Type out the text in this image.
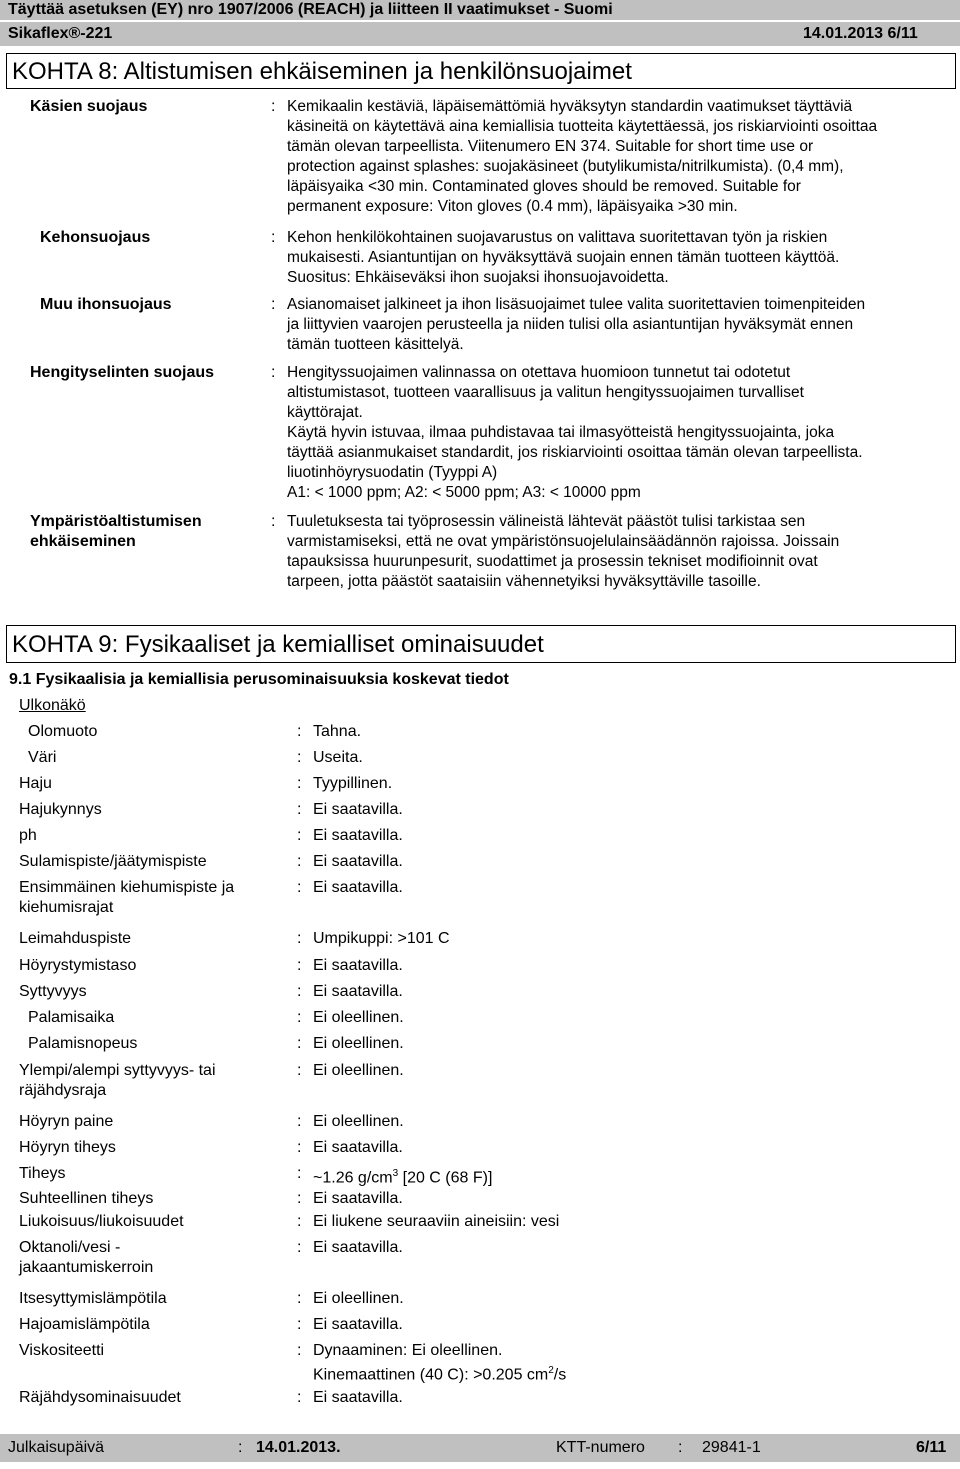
Täyttää asetuksen (EY) nro 1907/2006 (REACH) ja liitteen II vaatimukset - Suomi
Sikaflex®-221	14.01.2013 6/11
KOHTA 8: Altistumisen ehkäiseminen ja henkilönsuojaimet
Käsien suojaus	: Kemikaalin kestäviä, läpäisemättömiä hyväksytyn standardin vaatimukset täyttäviä
käsineitä on käytettävä aina kemiallisia tuotteita käytettäessä, jos riskiarviointi osoittaa
tämän olevan tarpeellista. Viitenumero EN 374. Suitable for short time use or
protection against splashes: suojakäsineet (butylikumista/nitrilkumista). (0,4 mm),
läpäisyaika <30 min. Contaminated gloves should be removed. Suitable for
permanent exposure: Viton gloves (0.4 mm), läpäisyaika >30 min.
Kehonsuojaus	: Kehon henkilökohtainen suojavarustus on valittava suoritettavan työn ja riskien
mukaisesti. Asiantuntijan on hyväksyttävä suojain ennen tämän tuotteen käyttöä.
Suositus: Ehkäiseväksi ihon suojaksi ihonsuojavoidetta.
Muu ihonsuojaus	: Asianomaiset jalkineet ja ihon lisäsuojaimet tulee valita suoritettavien toimenpiteiden
ja liittyvien vaarojen perusteella ja niiden tulisi olla asiantuntijan hyväksymät ennen
tämän tuotteen käsittelyä.
Hengityselinten suojaus	: Hengityssuojaimen valinnassa on otettava huomioon tunnetut tai odotetut
altistumistasot, tuotteen vaarallisuus ja valitun hengityssuojaimen turvalliset
käyttörajat.
Käytä hyvin istuvaa, ilmaa puhdistavaa tai ilmasyötteistä hengityssuojainta, joka
täyttää asianmukaiset standardit, jos riskiarviointi osoittaa tämän olevan tarpeellista.
liuotinhöyrysuodatin (Tyyppi A)
A1: < 1000 ppm; A2: < 5000 ppm; A3: < 10000 ppm
Ympäristöaltistumisen ehkäiseminen
: Tuuletuksesta tai työprosessin välineistä lähtevät päästöt tulisi tarkistaa sen
varmistamiseksi, että ne ovat ympäristönsuojelulainsäädännön rajoissa. Joissain
tapauksissa huurunpesurit, suodattimet ja prosessin tekniset modifioinnit ovat
tarpeen, jotta päästöt saataisiin vähennetyiksi hyväksyttäville tasoille.
KOHTA 9: Fysikaaliset ja kemialliset ominaisuudet
9.1 Fysikaalisia ja kemiallisia perusominaisuuksia koskevat tiedot
Ulkonäkö
Olomuoto	: Tahna.
Väri	: Useita.
Haju	: Tyypillinen.
Hajukynnys	: Ei saatavilla.
ph	: Ei saatavilla.
Sulamispiste/jäätymispiste	: Ei saatavilla.
Ensimmäinen kiehumispiste ja kiehumisrajat
: Ei saatavilla.
Leimahduspiste	: Umpikuppi: >101 C
Höyrystymistaso	: Ei saatavilla.
Syttyvyys	: Ei saatavilla.
Palamisaika	: Ei oleellinen.
Palamisnopeus	: Ei oleellinen.
Ylempi/alempi syttyvyys- tai räjähdysraja
: Ei oleellinen.
Höyryn paine	: Ei oleellinen.
Höyryn tiheys	: Ei saatavilla.
Tiheys	: ~1.26 $g/cm^3$ [20 C (68 F)]
Suhteellinen tiheys	: Ei saatavilla.
Liukoisuus/liukoisuudet	: Ei liukene seuraaviin aineisiin: vesi
Oktanoli/vesi -jakaantumiskerroin
: Ei saatavilla.
Itsesyttymislämpötila	: Ei oleellinen.
Hajoamislämpötila	: Ei saatavilla.
Viskositeetti	: Dynaaminen: Ei oleellinen.
Kinemaattinen (40 C): >0.205 $cm^2/s$
Räjähdysominaisuudet	: Ei saatavilla.
Julkaisupäivä	: 14.01.2013.	KTT-numero : 29841-1	6/11
